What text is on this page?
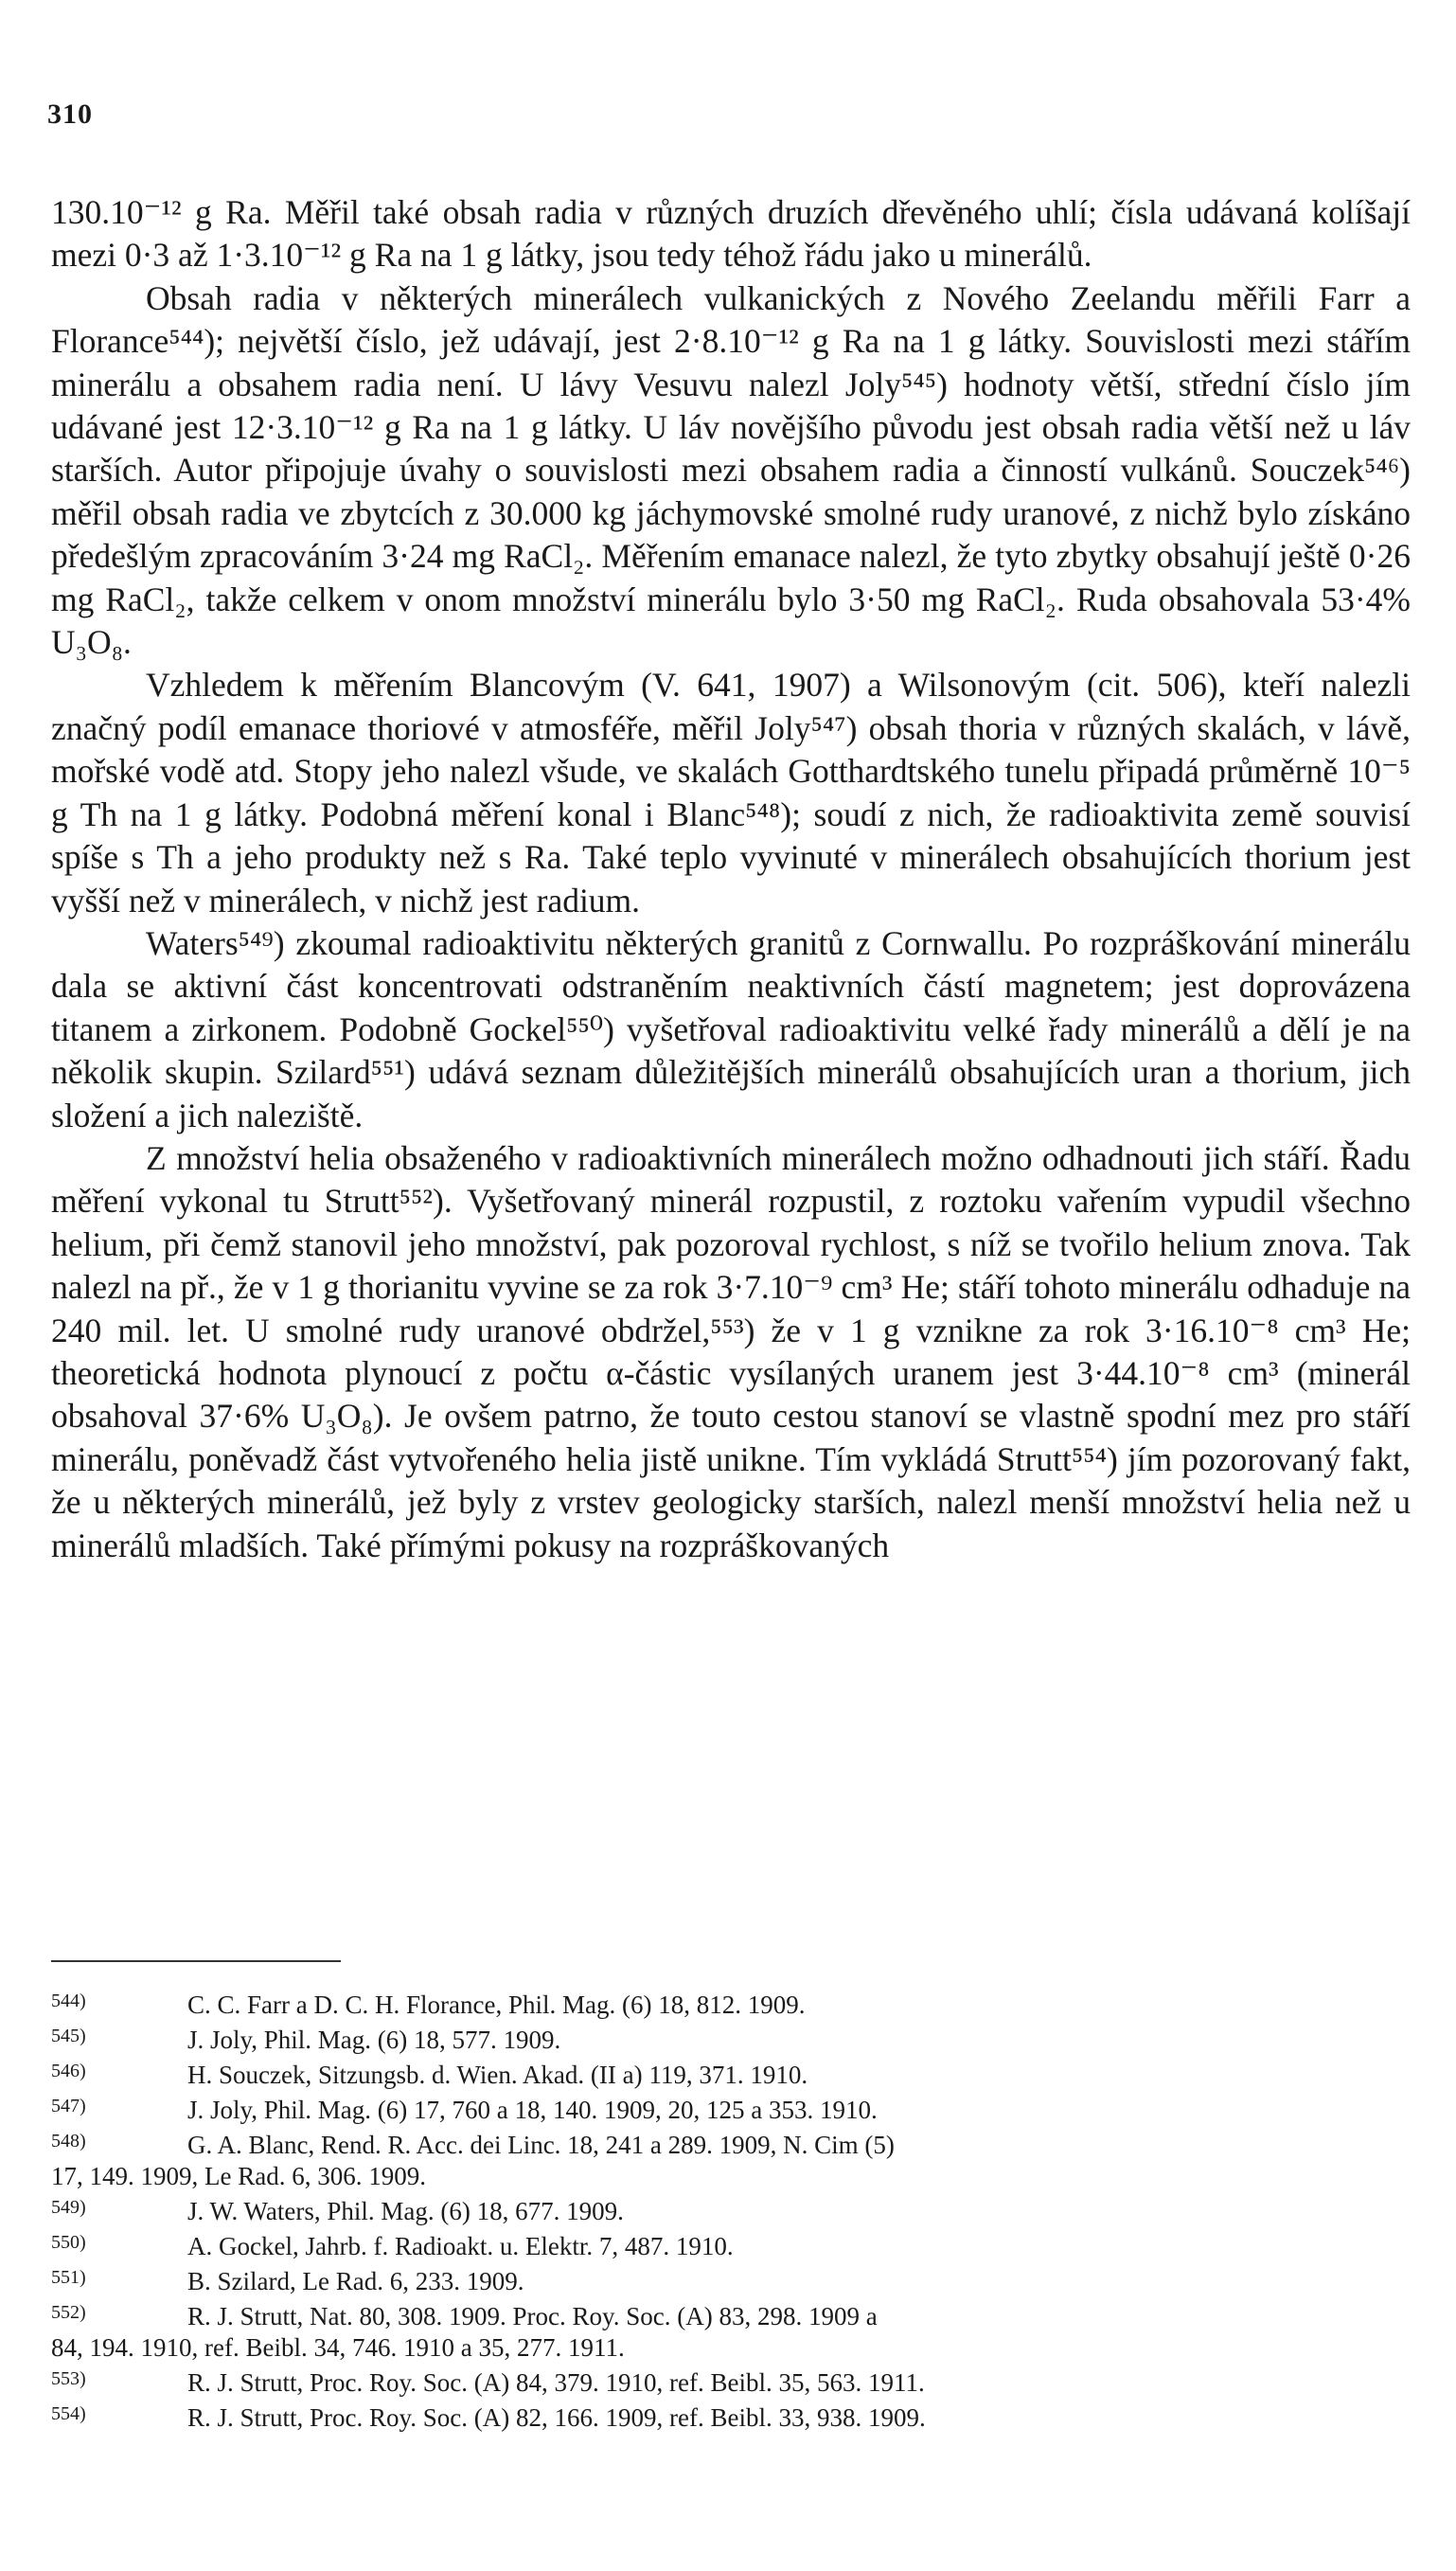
310

130.10⁻¹² g Ra. Měřil také obsah radia v různých druzích dřevěného uhlí; čísla udávaná kolíšají mezi 0·3 až 1·3.10⁻¹² g Ra na 1 g látky, jsou tedy téhož řádu jako u minerálů.

Obsah radia v některých minerálech vulkanických z Nového Zeelandu měřili Farr a Florance⁵⁴⁴); největší číslo, jež udávají, jest 2·8.10⁻¹² g Ra na 1 g látky. Souvislosti mezi stářím minerálu a obsahem radia není. U lávy Vesuvu nalezl Joly⁵⁴⁵) hodnoty větší, střední číslo jím udávané jest 12·3.10⁻¹² g Ra na 1 g látky. U láv novějšího původu jest obsah radia větší než u láv starších. Autor připojuje úvahy o souvislosti mezi obsahem radia a činností vulkánů. Souczek⁵⁴⁶) měřil obsah radia ve zbytcích z 30.000 kg jáchymovské smolné rudy uranové, z nichž bylo získáno předešlým zpracováním 3·24 mg RaCl₂. Měřením emanace nalezl, že tyto zbytky obsahují ještě 0·26 mg RaCl₂, takže celkem v onom množství minerálu bylo 3·50 mg RaCl₂. Ruda obsahovala 53·4% U₃O₈.

Vzhledem k měřením Blancovým (V. 641, 1907) a Wilsonovým (cit. 506), kteří nalezli značný podíl emanace thoriové v atmosféře, měřil Joly⁵⁴⁷) obsah thoria v různých skalách, v lávě, mořské vodě atd. Stopy jeho nalezl všude, ve skalách Gotthardtského tunelu připadá průměrně 10⁻⁵ g Th na 1 g látky. Podobná měření konal i Blanc⁵⁴⁸); soudí z nich, že radioaktivita země souvisí spíše s Th a jeho produkty než s Ra. Také teplo vyvinuté v minerálech obsahujících thorium jest vyšší než v minerálech, v nichž jest radium.

Waters⁵⁴⁹) zkoumal radioaktivitu některých granitů z Cornwallu. Po rozpráškování minerálu dala se aktivní část koncentrovati odstraněním neaktivních částí magnetem; jest doprovázena titanem a zirkonem. Podobně Gockel⁵⁵⁰) vyšetřoval radioaktivitu velké řady minerálů a dělí je na několik skupin. Szilard⁵⁵¹) udává seznam důležitějších minerálů obsahujících uran a thorium, jich složení a jich naleziště.

Z množství helia obsaženého v radioaktivních minerálech možno odhadnouti jich stáří. Řadu měření vykonal tu Strutt⁵⁵²). Vyšetřovaný minerál rozpustil, z roztoku vařením vypudil všechno helium, při čemž stanovil jeho množství, pak pozoroval rychlost, s níž se tvořilo helium znova. Tak nalezl na př., že v 1 g thorianitu vyvine se za rok 3·7.10⁻⁹ cm³ He; stáří tohoto minerálu odhaduje na 240 mil. let. U smolné rudy uranové obdržel,⁵⁵³) že v 1 g vznikne za rok 3·16.10⁻⁸ cm³ He; theoretická hodnota plynoucí z počtu α-částic vysílaných uranem jest 3·44.10⁻⁸ cm³ (minerál obsahoval 37·6% U₃O₈). Je ovšem patrno, že touto cestou stanoví se vlastně spodní mez pro stáří minerálu, poněvadž část vytvořeného helia jistě unikne. Tím vykládá Strutt⁵⁵⁴) jím pozorovaný fakt, že u některých minerálů, jež byly z vrstev geologicky starších, nalezl menší množství helia než u minerálů mladších. Také přímými pokusy na rozpráškovaných

544)	C. C. Farr a D. C. H. Florance, Phil. Mag. (6) 18, 812. 1909.

545)	J. Joly, Phil. Mag. (6) 18, 577. 1909.

546)	H. Souczek, Sitzungsb. d. Wien. Akad. (II a) 119, 371. 1910.

547)	J. Joly, Phil. Mag. (6) 17, 760 a 18, 140. 1909, 20, 125 a 353. 1910.

548)	G. A. Blanc, Rend. R. Acc. dei Linc. 18, 241 a 289. 1909, N. Cim (5)

17, 149. 1909, Le Rad. 6, 306. 1909.

549)	J. W. Waters, Phil. Mag. (6) 18, 677. 1909.

550)	A. Gockel, Jahrb. f. Radioakt. u. Elektr. 7, 487. 1910.

551)	B. Szilard, Le Rad. 6, 233. 1909.

552)	R. J. Strutt, Nat. 80, 308. 1909. Proc. Roy. Soc. (A) 83, 298. 1909 a

84, 194. 1910, ref. Beibl. 34, 746. 1910 a 35, 277. 1911.

553)	R. J. Strutt, Proc. Roy. Soc. (A) 84, 379. 1910, ref. Beibl. 35, 563. 1911.

554)	R. J. Strutt, Proc. Roy. Soc. (A) 82, 166. 1909, ref. Beibl. 33, 938. 1909.
